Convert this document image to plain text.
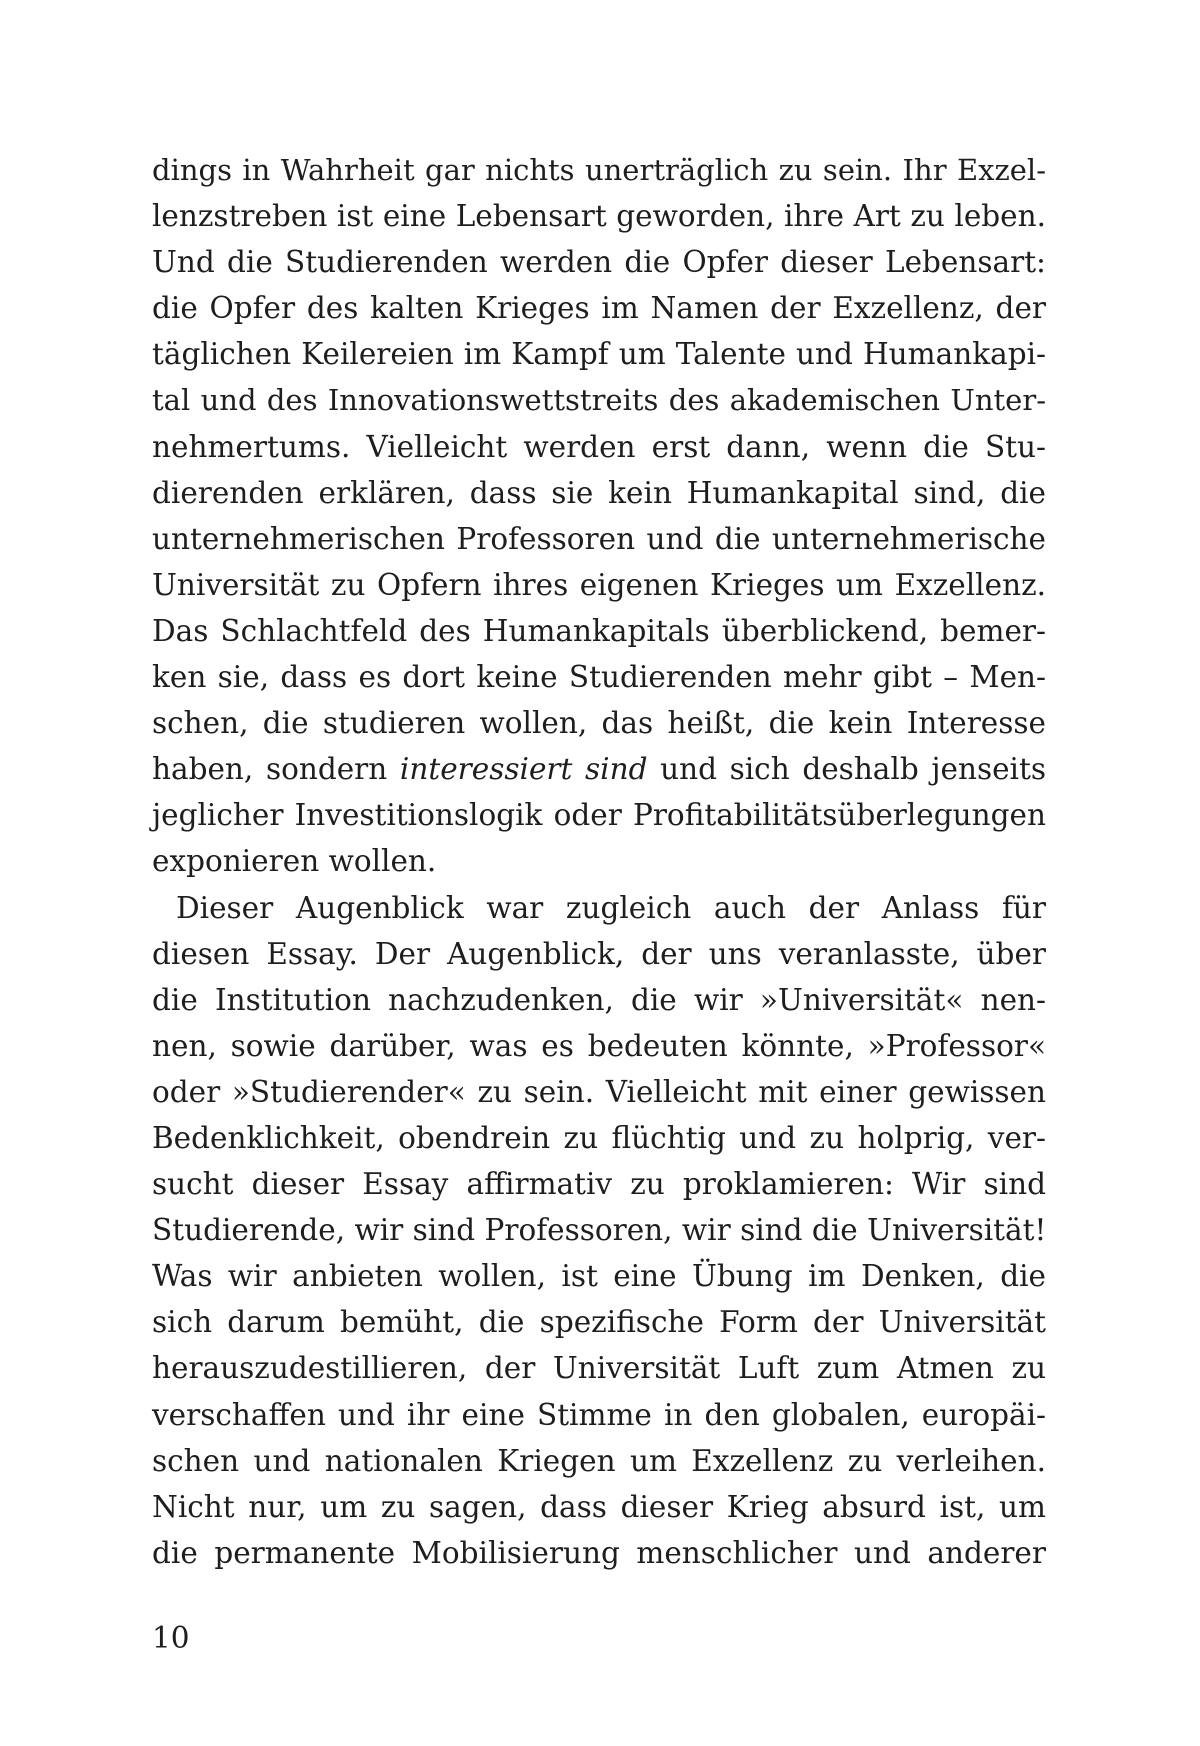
dings in Wahrheit gar nichts unerträglich zu sein. Ihr Exzel-
lenzstreben ist eine Lebensart geworden, ihre Art zu leben.
Und die Studierenden werden die Opfer dieser Lebensart:
die Opfer des kalten Krieges im Namen der Exzellenz, der
täglichen Keilereien im Kampf um Talente und Humankapi-
tal und des Innovationswettstreits des akademischen Unter-
nehmertums. Vielleicht werden erst dann, wenn die Stu-
dierenden erklären, dass sie kein Humankapital sind, die
unternehmerischen Professoren und die unternehmerische
Universität zu Opfern ihres eigenen Krieges um Exzellenz.
Das Schlachtfeld des Humankapitals überblickend, bemer-
ken sie, dass es dort keine Studierenden mehr gibt – Men-
schen, die studieren wollen, das heißt, die kein Interesse
haben, sondern interessiert sind und sich deshalb jenseits
jeglicher Investitionslogik oder Profitabilitätsüberlegungen
exponieren wollen.
Dieser Augenblick war zugleich auch der Anlass für
diesen Essay. Der Augenblick, der uns veranlasste, über
die Institution nachzudenken, die wir »Universität« nen-
nen, sowie darüber, was es bedeuten könnte, »Professor«
oder »Studierender« zu sein. Vielleicht mit einer gewissen
Bedenklichkeit, obendrein zu flüchtig und zu holprig, ver-
sucht dieser Essay affirmativ zu proklamieren: Wir sind
Studierende, wir sind Professoren, wir sind die Universität!
Was wir anbieten wollen, ist eine Übung im Denken, die
sich darum bemüht, die spezifische Form der Universität
herauszudestillieren, der Universität Luft zum Atmen zu
verschaffen und ihr eine Stimme in den globalen, europäi-
schen und nationalen Kriegen um Exzellenz zu verleihen.
Nicht nur, um zu sagen, dass dieser Krieg absurd ist, um
die permanente Mobilisierung menschlicher und anderer
10
